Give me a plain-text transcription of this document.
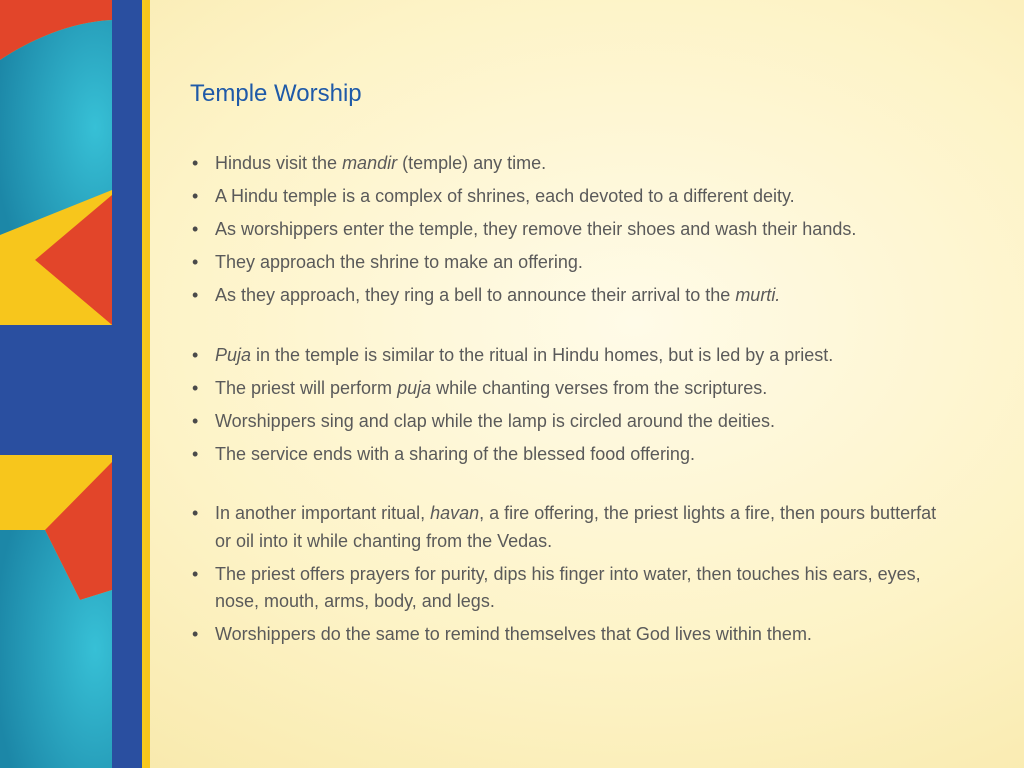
Temple Worship
• Hindus visit the mandir (temple) any time.
• A Hindu temple is a complex of shrines, each devoted to a different deity.
• As worshippers enter the temple, they remove their shoes and wash their hands.
• They approach the shrine to make an offering.
• As they approach, they ring a bell to announce their arrival to the murti.
• Puja in the temple is similar to the ritual in Hindu homes, but is led by a priest.
• The priest will perform puja while chanting verses from the scriptures.
• Worshippers sing and clap while the lamp is circled around the deities.
• The service ends with a sharing of the blessed food offering.
• In another important ritual, havan, a fire offering, the priest lights a fire, then pours butterfat or oil into it while chanting from the Vedas.
• The priest offers prayers for purity, dips his finger into water, then touches his ears, eyes, nose, mouth, arms, body, and legs.
• Worshippers do the same to remind themselves that God lives within them.
